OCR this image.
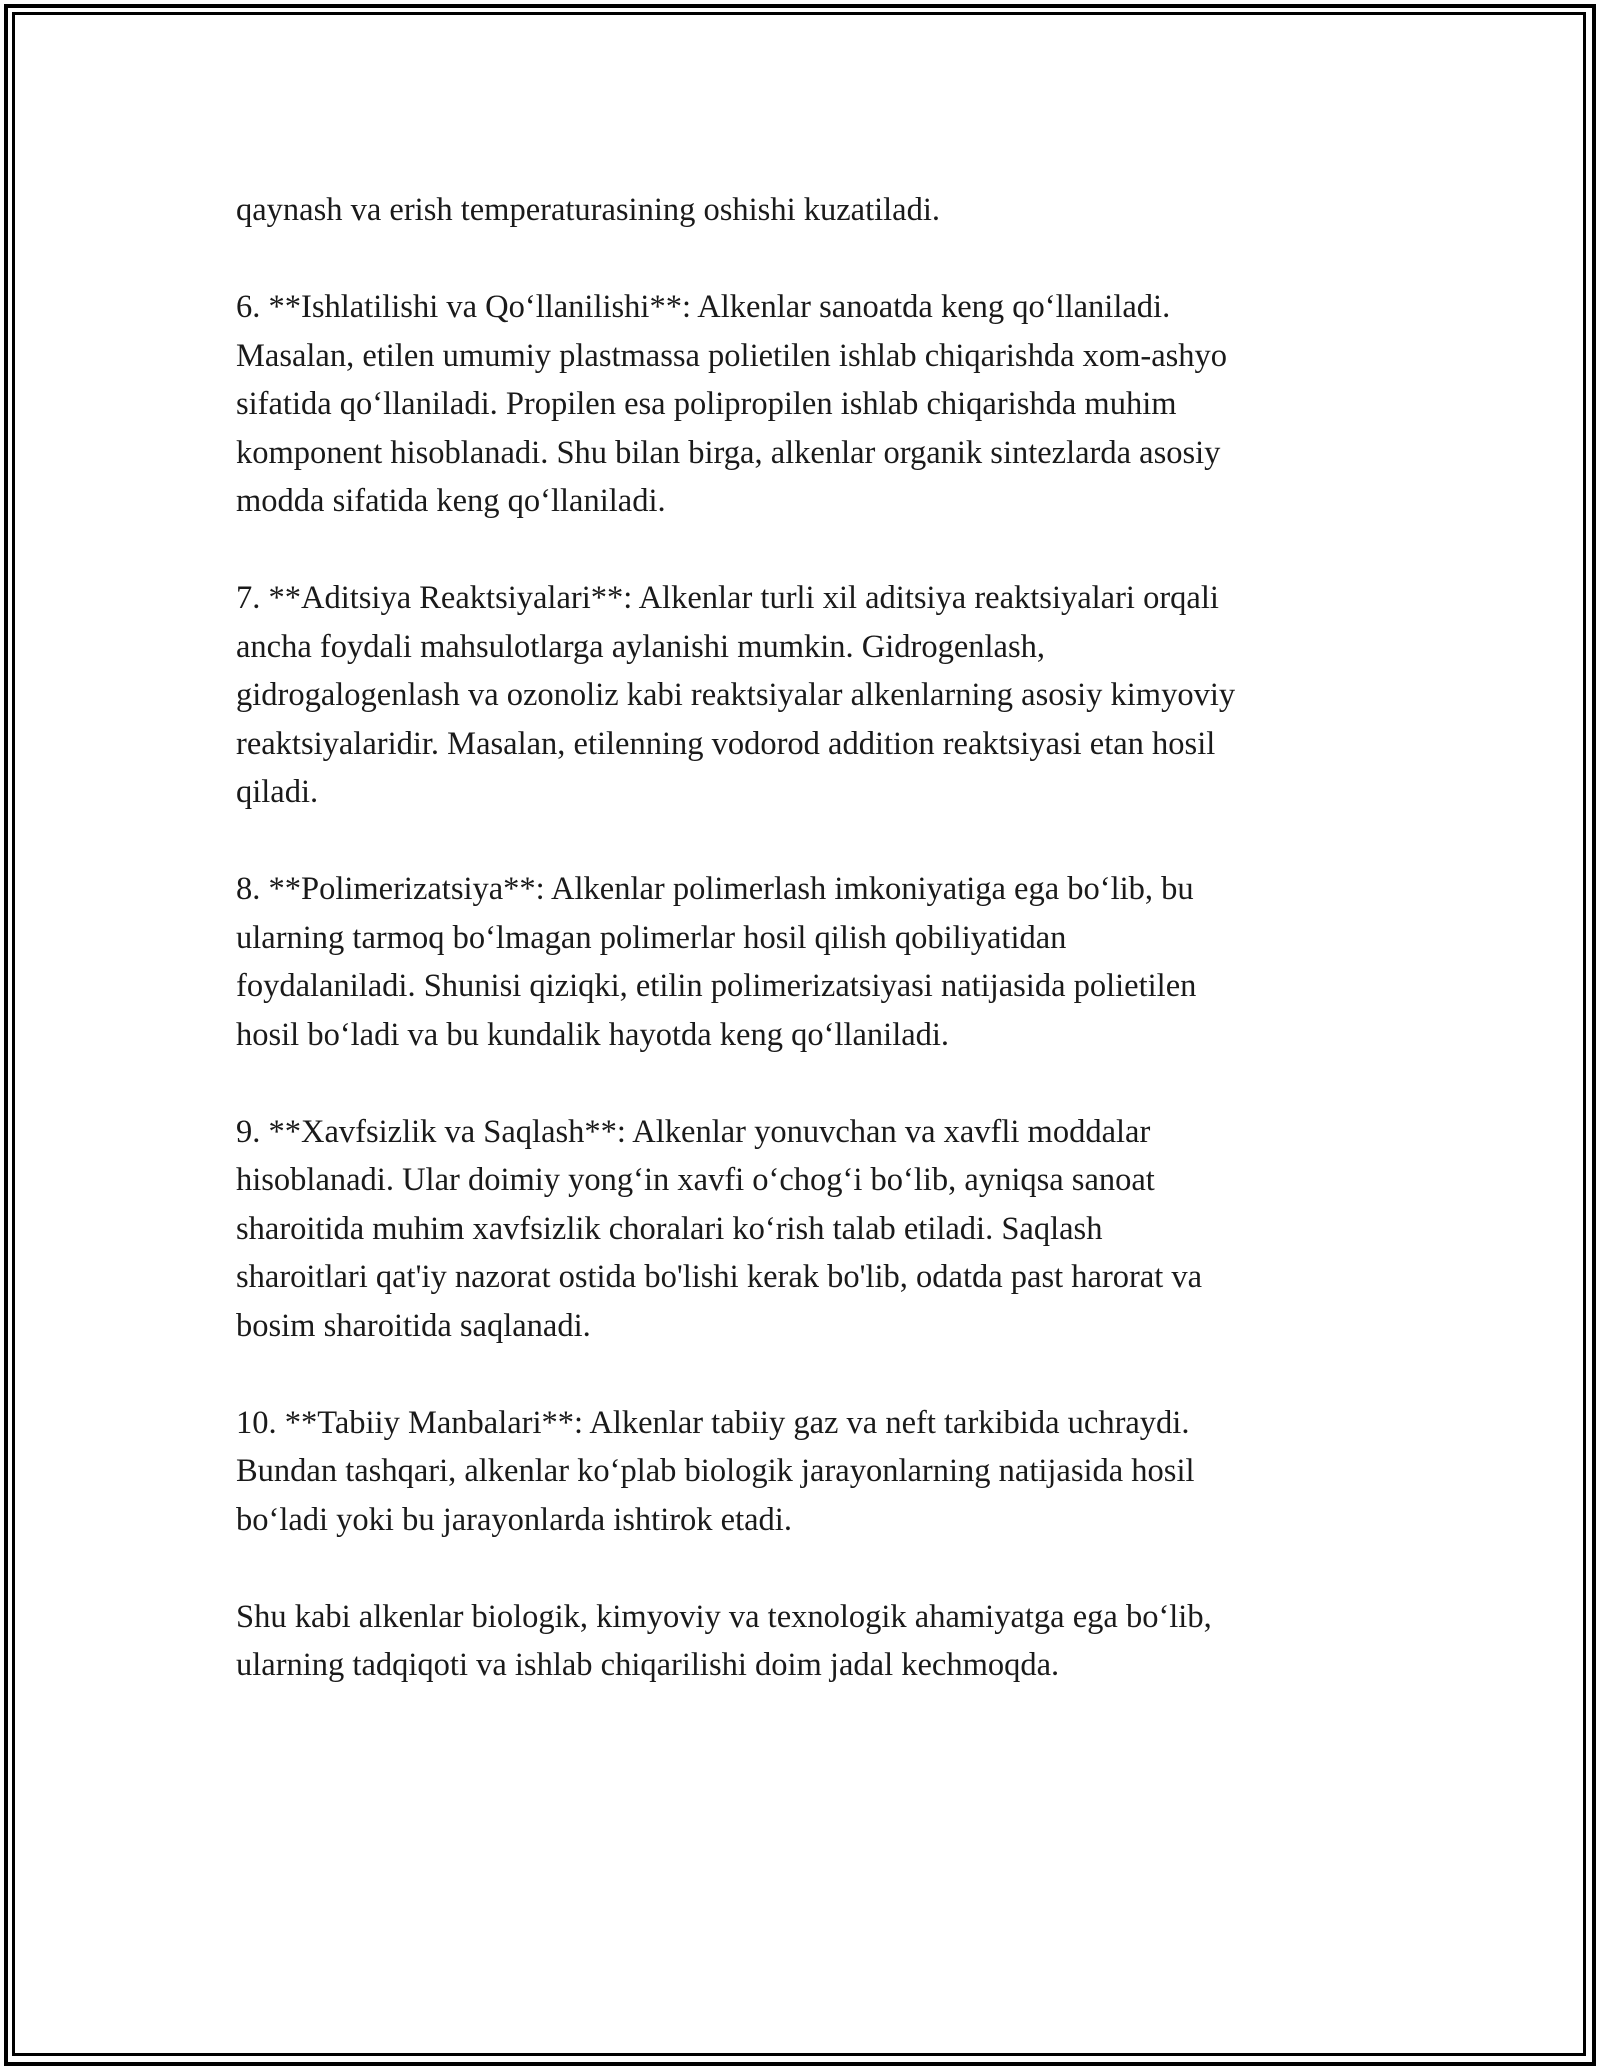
qaynash va erish temperaturasining oshishi kuzatiladi.

6. **Ishlatilishi va Qo‘llanilishi**: Alkenlar sanoatda keng qo‘llaniladi.
Masalan, etilen umumiy plastmassa polietilen ishlab chiqarishda xom-ashyo
sifatida qo‘llaniladi. Propilen esa polipropilen ishlab chiqarishda muhim
komponent hisoblanadi. Shu bilan birga, alkenlar organik sintezlarda asosiy
modda sifatida keng qo‘llaniladi.

7. **Aditsiya Reaktsiyalari**: Alkenlar turli xil aditsiya reaktsiyalari orqali
ancha foydali mahsulotlarga aylanishi mumkin. Gidrogenlash,
gidrogalogenlash va ozonoliz kabi reaktsiyalar alkenlarning asosiy kimyoviy
reaktsiyalaridir. Masalan, etilenning vodorod addition reaktsiyasi etan hosil
qiladi.

8. **Polimerizatsiya**: Alkenlar polimerlash imkoniyatiga ega bo‘lib, bu
ularning tarmoq bo‘lmagan polimerlar hosil qilish qobiliyatidan
foydalaniladi. Shunisi qiziqki, etilin polimerizatsiyasi natijasida polietilen
hosil bo‘ladi va bu kundalik hayotda keng qo‘llaniladi.

9. **Xavfsizlik va Saqlash**: Alkenlar yonuvchan va xavfli moddalar
hisoblanadi. Ular doimiy yong‘in xavfi o‘chog‘i bo‘lib, ayniqsa sanoat
sharoitida muhim xavfsizlik choralari ko‘rish talab etiladi. Saqlash
sharoitlari qat'iy nazorat ostida bo'lishi kerak bo'lib, odatda past harorat va
bosim sharoitida saqlanadi.

10. **Tabiiy Manbalari**: Alkenlar tabiiy gaz va neft tarkibida uchraydi.
Bundan tashqari, alkenlar ko‘plab biologik jarayonlarning natijasida hosil
bo‘ladi yoki bu jarayonlarda ishtirok etadi.

Shu kabi alkenlar biologik, kimyoviy va texnologik ahamiyatga ega bo‘lib,
ularning tadqiqoti va ishlab chiqarilishi doim jadal kechmoqda.
